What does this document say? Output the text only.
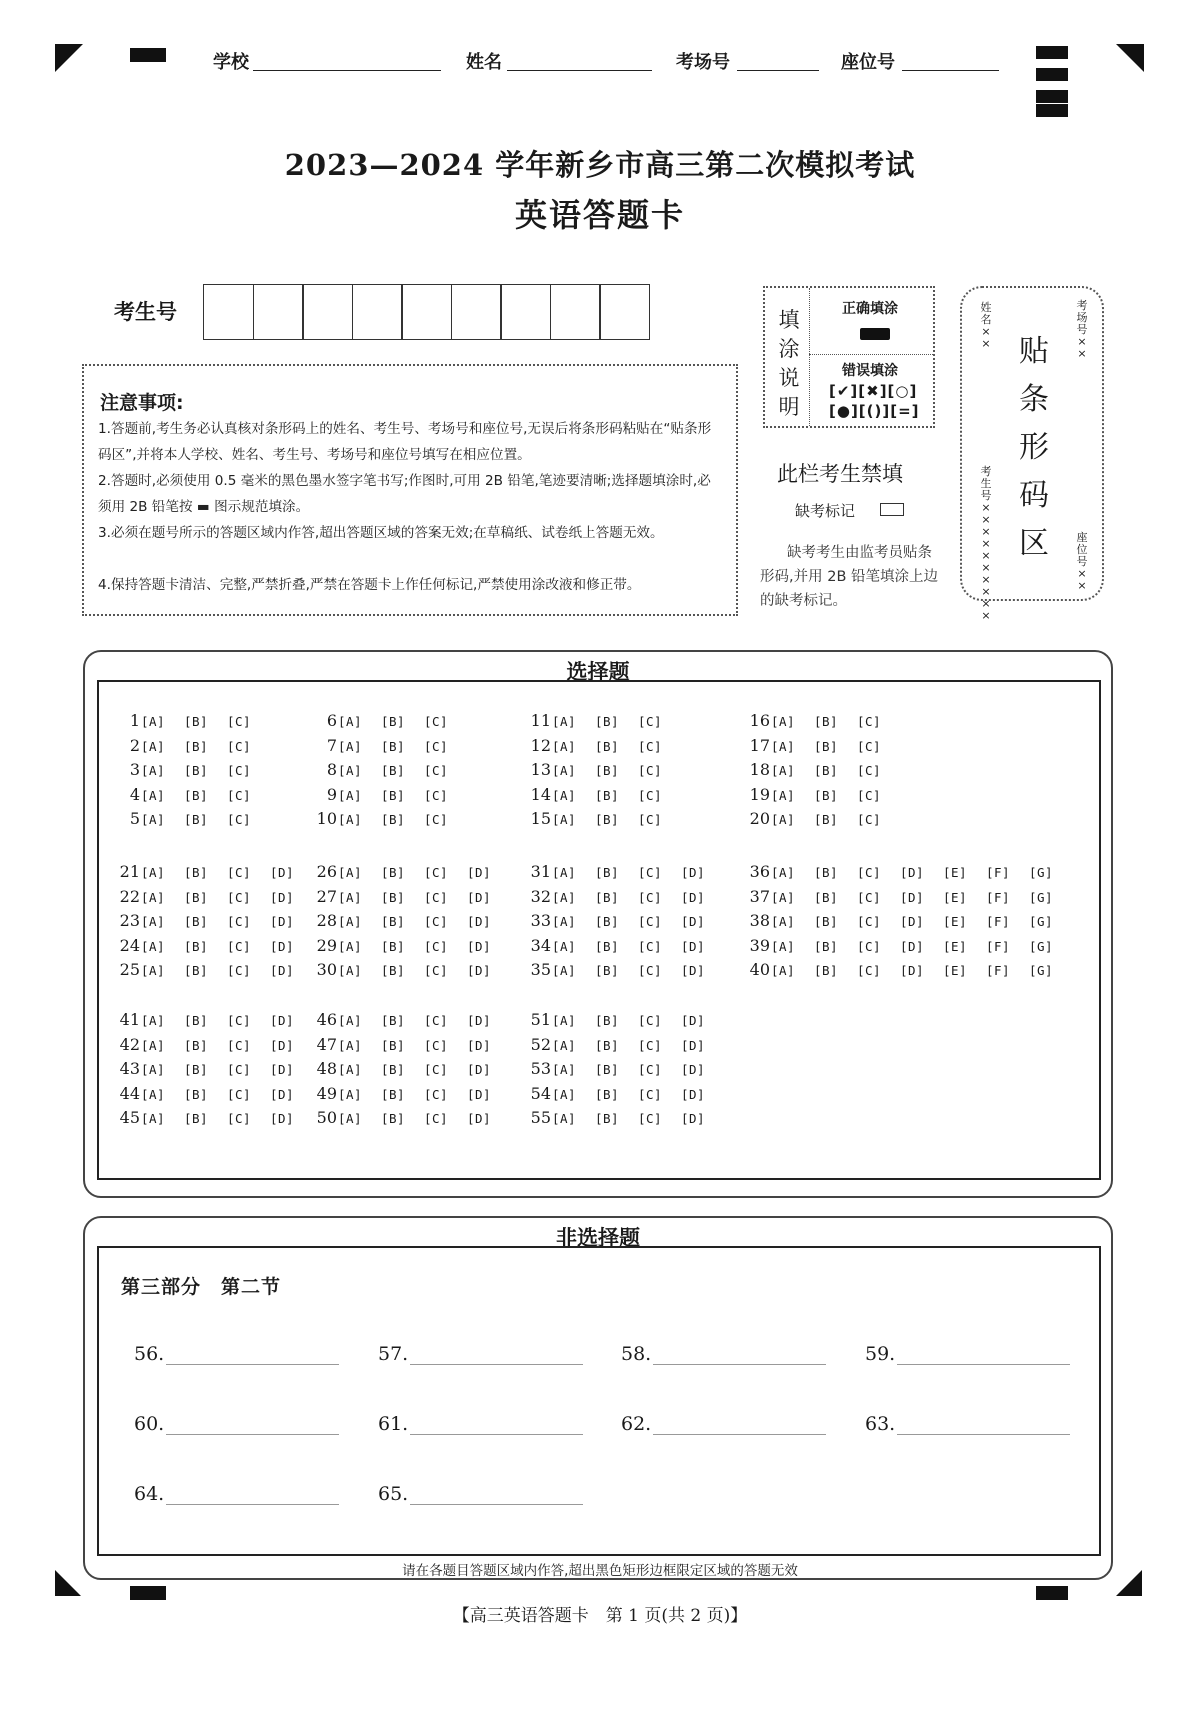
学校	姓名	考场号	座位号
2023—2024 学年新乡市高三第二次模拟考试
英语答题卡
考生号
注意事项:
1.答题前,考生务必认真核对条形码上的姓名、考生号、考场号和座位号,无误后将条形码粘贴在“贴条形码区”,并将本人学校、姓名、考生号、考场号和座位号填写在相应位置。
2.答题时,必须使用 0.5 毫米的黑色墨水签字笔书写;作图时,可用 2B 铅笔,笔迹要清晰;选择题填涂时,必须用 2B 铅笔按 ▬ 图示规范填涂。
3.必须在题号所示的答题区域内作答,超出答题区域的答案无效;在草稿纸、试卷纸上答题无效。
4.保持答题卡清洁、完整,严禁折叠,严禁在答题卡上作任何标记,严禁使用涂改液和修正带。
填涂说明
正确填涂
错误填涂
[✔][✖][○]
[●][()][=]
此栏考生禁填
缺考标记
缺考考生由监考员贴条形码,并用 2B 铅笔填涂上边的缺考标记。
姓名××
考场号××
贴条形码区
考生号××××××××××
座位号××
选择题
1[A] [B] [C]
2[A] [B] [C]
3[A] [B] [C]
4[A] [B] [C]
5[A] [B] [C]
6[A] [B] [C]
7[A] [B] [C]
8[A] [B] [C]
9[A] [B] [C]
10[A] [B] [C]
11[A] [B] [C]
12[A] [B] [C]
13[A] [B] [C]
14[A] [B] [C]
15[A] [B] [C]
16[A] [B] [C]
17[A] [B] [C]
18[A] [B] [C]
19[A] [B] [C]
20[A] [B] [C]
21[A] [B] [C] [D]
22[A] [B] [C] [D]
23[A] [B] [C] [D]
24[A] [B] [C] [D]
25[A] [B] [C] [D]
26[A] [B] [C] [D]
27[A] [B] [C] [D]
28[A] [B] [C] [D]
29[A] [B] [C] [D]
30[A] [B] [C] [D]
31[A] [B] [C] [D]
32[A] [B] [C] [D]
33[A] [B] [C] [D]
34[A] [B] [C] [D]
35[A] [B] [C] [D]
36[A] [B] [C] [D] [E] [F] [G]
37[A] [B] [C] [D] [E] [F] [G]
38[A] [B] [C] [D] [E] [F] [G]
39[A] [B] [C] [D] [E] [F] [G]
40[A] [B] [C] [D] [E] [F] [G]
41[A] [B] [C] [D]
42[A] [B] [C] [D]
43[A] [B] [C] [D]
44[A] [B] [C] [D]
45[A] [B] [C] [D]
46[A] [B] [C] [D]
47[A] [B] [C] [D]
48[A] [B] [C] [D]
49[A] [B] [C] [D]
50[A] [B] [C] [D]
51[A] [B] [C] [D]
52[A] [B] [C] [D]
53[A] [B] [C] [D]
54[A] [B] [C] [D]
55[A] [B] [C] [D]
非选择题
第三部分　第二节
56.	57.	58.	59.
60.	61.	62.	63.
64.	65.
请在各题目答题区域内作答,超出黑色矩形边框限定区域的答题无效
【高三英语答题卡　第 1 页(共 2 页)】
